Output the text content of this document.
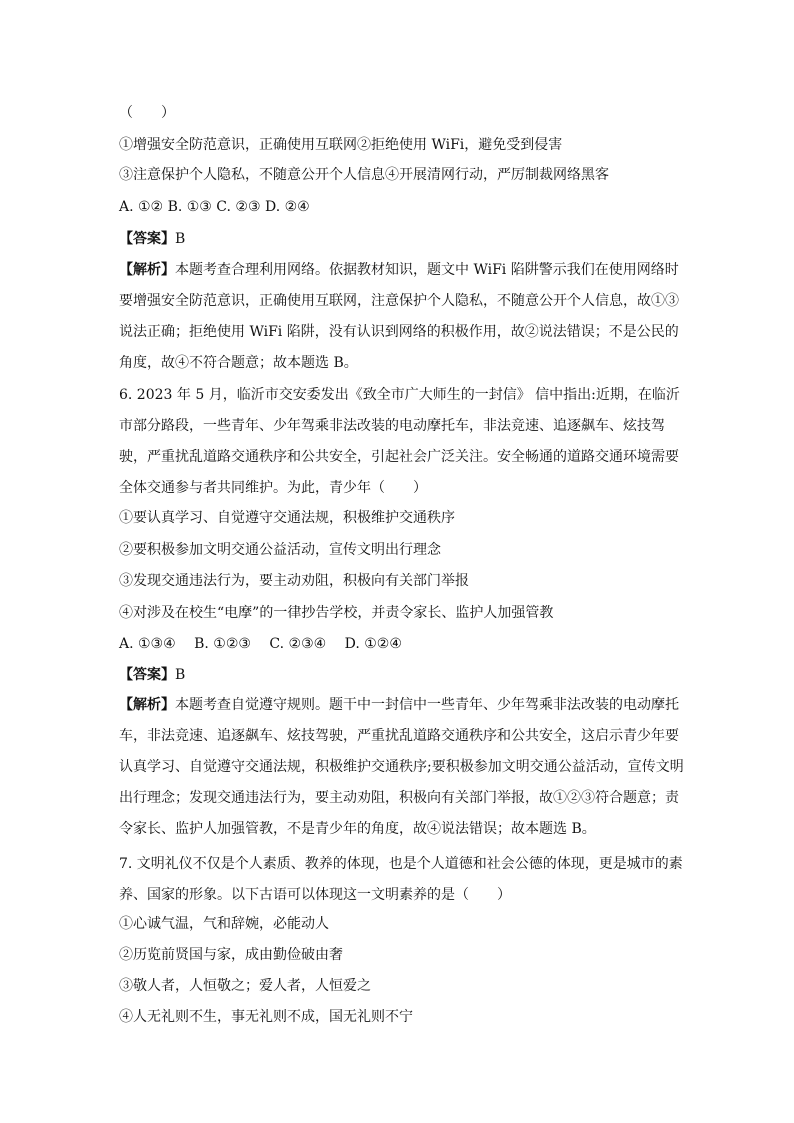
（　　）
①增强安全防范意识，正确使用互联网②拒绝使用 WiFi，避免受到侵害
③注意保护个人隐私，不随意公开个人信息④开展清网行动，严厉制裁网络黑客
A. ①② B. ①③ C. ②③ D. ②④
【答案】B
【解析】本题考查合理利用网络。依据教材知识，题文中 WiFi 陷阱警示我们在使用网络时要增强安全防范意识，正确使用互联网，注意保护个人隐私，不随意公开个人信息，故①③说法正确；拒绝使用 WiFi 陷阱，没有认识到网络的积极作用，故②说法错误；不是公民的角度，故④不符合题意；故本题选 B。
6. 2023 年 5 月，临沂市交安委发出《致全市广大师生的一封信》 信中指出:近期，在临沂市部分路段，一些青年、少年驾乘非法改装的电动摩托车，非法竞速、追逐飙车、炫技驾驶，严重扰乱道路交通秩序和公共安全，引起社会广泛关注。安全畅通的道路交通环境需要全体交通参与者共同维护。为此，青少年（　　）
①要认真学习、自觉遵守交通法规，积极维护交通秩序
②要积极参加文明交通公益活动，宣传文明出行理念
③发现交通违法行为，要主动劝阻，积极向有关部门举报
④对涉及在校生“电摩”的一律抄告学校，并责令家长、监护人加强管教
A. ①③④　 B. ①②③　 C. ②③④　 D. ①②④
【答案】B
【解析】本题考查自觉遵守规则。题干中一封信中一些青年、少年驾乘非法改装的电动摩托车，非法竞速、追逐飙车、炫技驾驶，严重扰乱道路交通秩序和公共安全，这启示青少年要认真学习、自觉遵守交通法规，积极维护交通秩序;要积极参加文明交通公益活动，宣传文明出行理念；发现交通违法行为，要主动劝阻，积极向有关部门举报，故①②③符合题意；责令家长、监护人加强管教，不是青少年的角度，故④说法错误；故本题选 B。
7. 文明礼仪不仅是个人素质、教养的体现，也是个人道德和社会公德的体现，更是城市的素养、国家的形象。以下古语可以体现这一文明素养的是（　　）
①心诚气温，气和辞婉，必能动人
②历览前贤国与家，成由勤俭破由奢
③敬人者，人恒敬之；爱人者，人恒爱之
④人无礼则不生，事无礼则不成，国无礼则不宁
